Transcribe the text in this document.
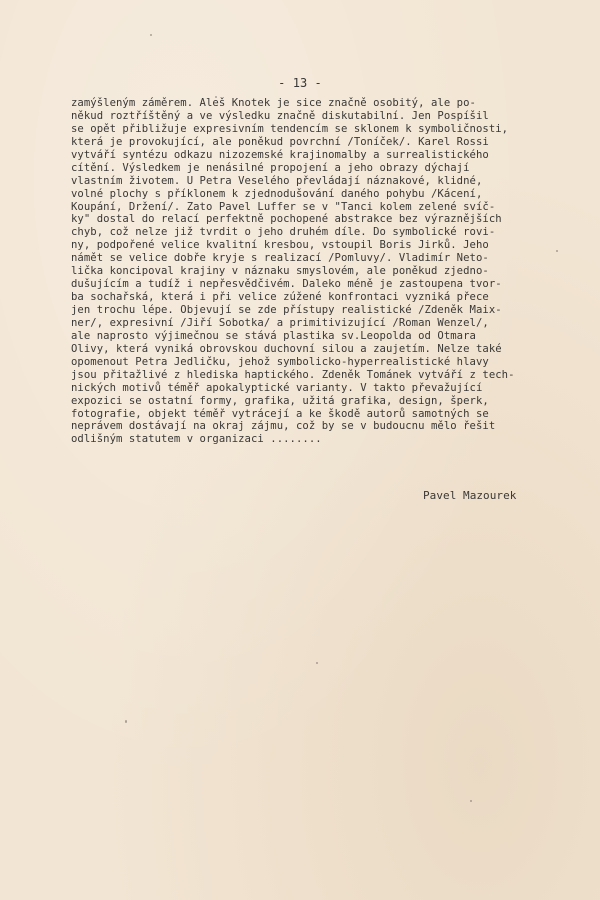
- 13 -
zamýšleným záměrem. Aleš Knotek je sice značně osobitý, ale po-
někud roztříštěný a ve výsledku značně diskutabilní. Jen Pospíšil
se opět přibližuje expresivním tendencím se sklonem k symboličnosti,
která je provokující, ale poněkud povrchní /Toníček/. Karel Rossi
vytváří syntézu odkazu nizozemské krajinomalby a surrealistického
cítění. Výsledkem je nenásilné propojení a jeho obrazy dýchají
vlastním životem. U Petra Veselého převládají náznakové, klidné,
volné plochy s příklonem k zjednodušování daného pohybu /Kácení,
Koupání, Držení/. Zato Pavel Luffer se v "Tanci kolem zelené svíč-
ky" dostal do relací perfektně pochopené abstrakce bez výraznějších
chyb, což nelze již tvrdit o jeho druhém díle. Do symbolické rovi-
ny, podpořené velice kvalitní kresbou, vstoupil Boris Jirků. Jeho
námět se velice dobře kryje s realizací /Pomluvy/. Vladimír Neto-
lička koncipoval krajiny v náznaku smyslovém, ale poněkud zjedno-
dušujícím a tudíž i nepřesvědčivém. Daleko méně je zastoupena tvor-
ba sochařská, která i při velice zúžené konfrontaci vyzniká přece
jen trochu lépe. Objevují se zde přístupy realistické /Zdeněk Maix-
ner/, expresivní /Jiří Sobotka/ a primitivizující /Roman Wenzel/,
ale naprosto výjimečnou se stává plastika sv.Leopolda od Otmara
Olivy, která vyniká obrovskou duchovní silou a zaujetím. Nelze také
opomenout Petra Jedličku, jehož symbolicko-hyperrealistické hlavy
jsou přitažlivé z hlediska haptického. Zdeněk Tománek vytváří z tech-
nických motivů téměř apokalyptické varianty. V takto převažující
expozici se ostatní formy, grafika, užitá grafika, design, šperk,
fotografie, objekt téměř vytrácejí a ke škodě autorů samotných se
neprávem dostávají na okraj zájmu, což by se v budoucnu mělo řešit
odlišným statutem v organizaci ........
Pavel Mazourek
